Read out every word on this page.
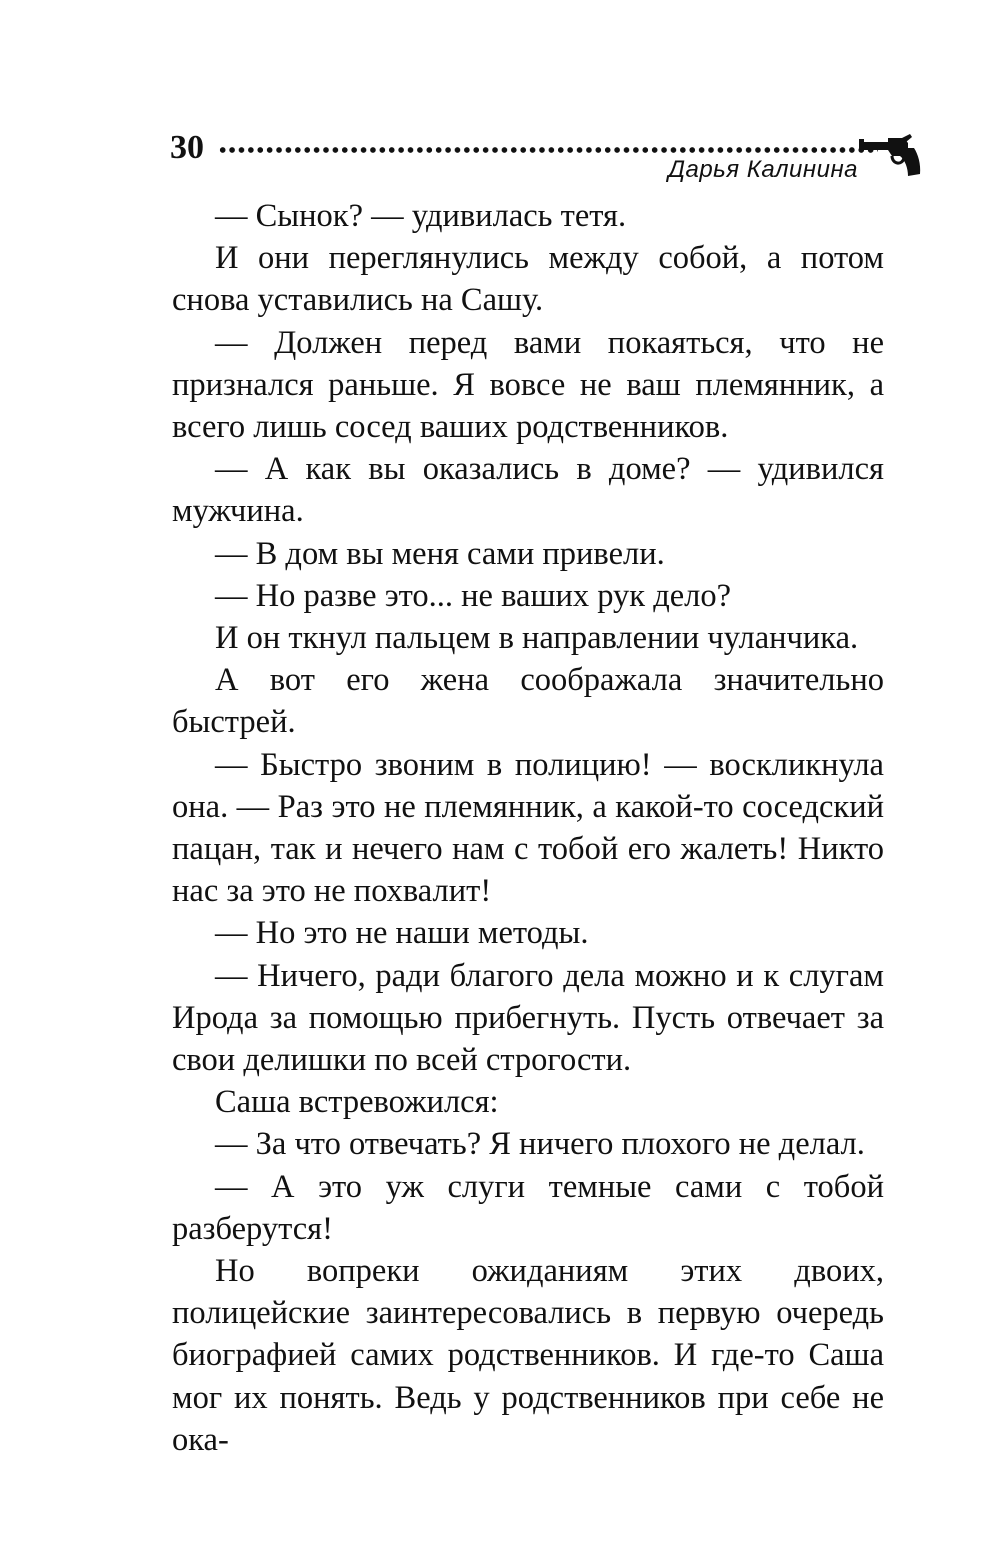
30
Дарья Калинина

— Сынок? — удивилась тетя.

И они переглянулись между собой, а потом снова уставились на Сашу.

— Должен перед вами покаяться, что не признался раньше. Я вовсе не ваш племянник, а всего лишь сосед ваших родственников.

— А как вы оказались в доме? — удивился мужчина.

— В дом вы меня сами привели.

— Но разве это... не ваших рук дело?

И он ткнул пальцем в направлении чуланчика.

А вот его жена соображала значительно быстрей.

— Быстро звоним в полицию! — воскликнула она. — Раз это не племянник, а какой-то соседский пацан, так и нечего нам с тобой его жалеть! Никто нас за это не похвалит!

— Но это не наши методы.

— Ничего, ради благого дела можно и к слугам Ирода за помощью прибегнуть. Пусть отвечает за свои делишки по всей строгости.

Саша встревожился:

— За что отвечать? Я ничего плохого не делал.

— А это уж слуги темные сами с тобой разберутся!

Но вопреки ожиданиям этих двоих, полицейские заинтересовались в первую очередь биографией самих родственников. И где-то Саша мог их понять. Ведь у родственников при себе не ока-
